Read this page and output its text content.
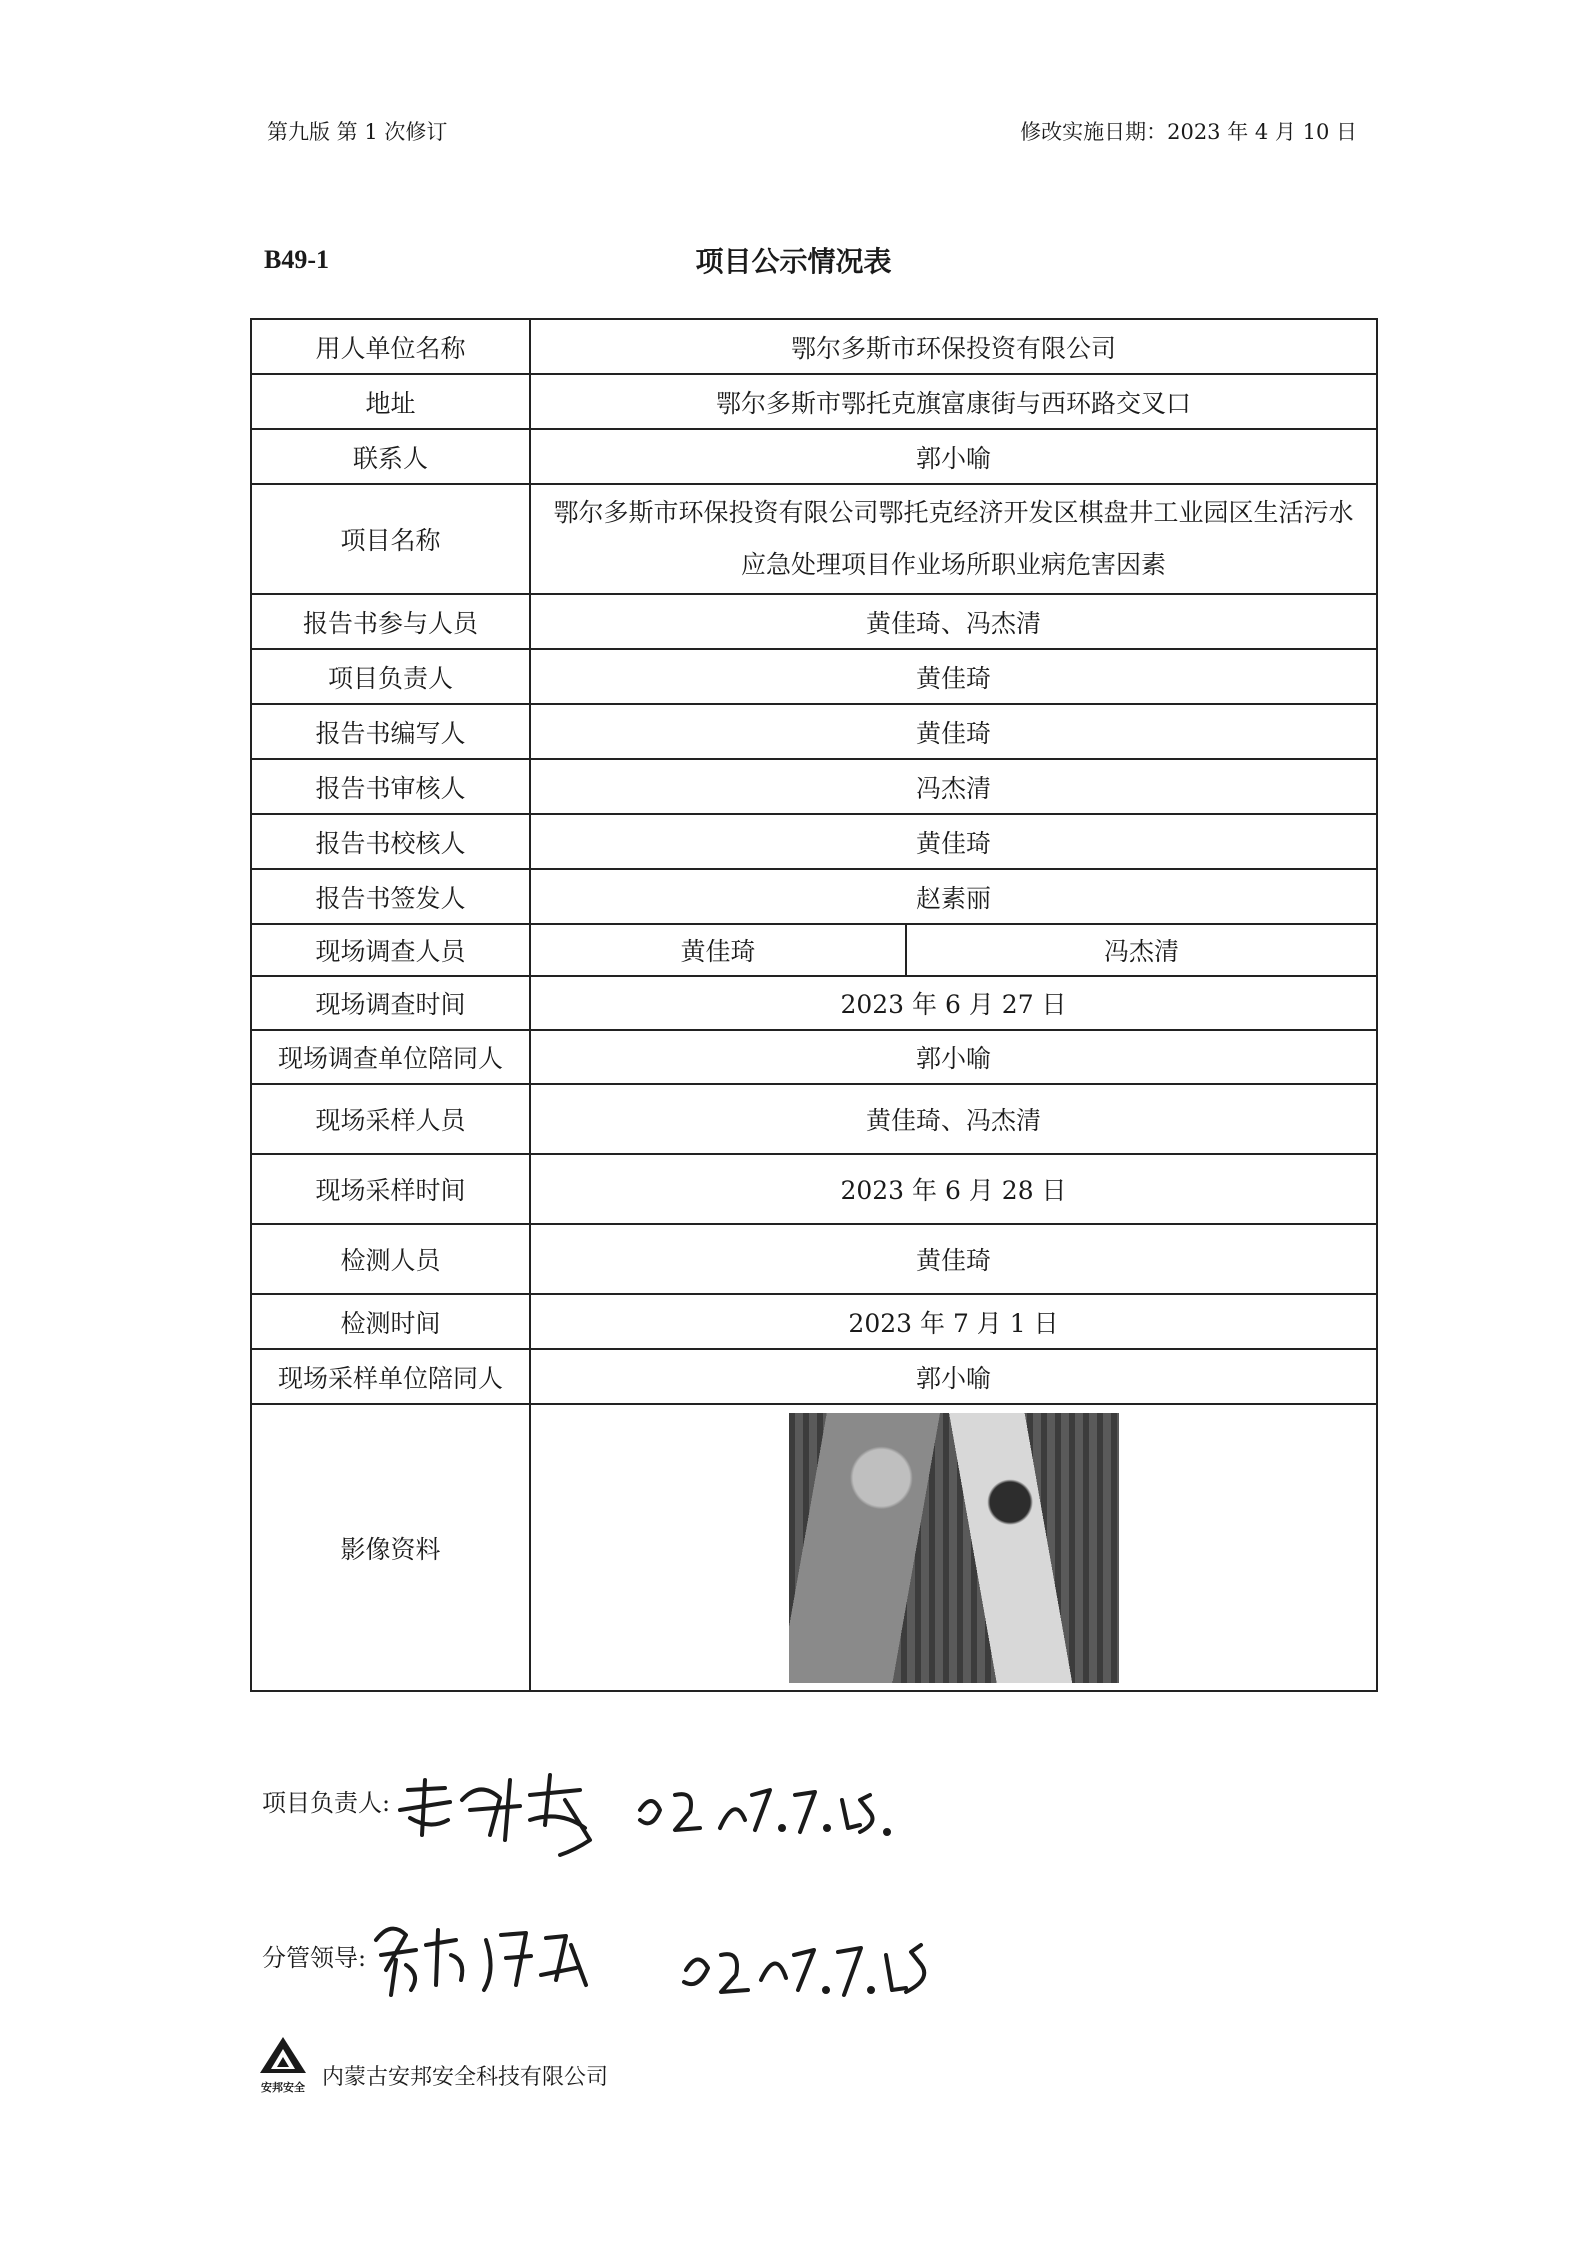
第九版 第 1 次修订	修改实施日期：2023 年 4 月 10 日
B49-1	项目公示情况表
用人单位名称	鄂尔多斯市环保投资有限公司	
地址	鄂尔多斯市鄂托克旗富康街与西环路交叉口	
联系人	郭小喻	
项目名称	鄂尔多斯市环保投资有限公司鄂托克经济开发区棋盘井工业园区生活污水应急处理项目作业场所职业病危害因素	
报告书参与人员	黄佳琦、冯杰清	
项目负责人	黄佳琦	
报告书编写人	黄佳琦	
报告书审核人	冯杰清	
报告书校核人	黄佳琦	
报告书签发人	赵素丽	
现场调查人员	黄佳琦	冯杰清
现场调查时间	2023 年 6 月 27 日	
现场调查单位陪同人	郭小喻	
现场采样人员	黄佳琦、冯杰清	
现场采样时间	2023 年 6 月 28 日	
检测人员	黄佳琦	
检测时间	2023 年 7 月 1 日	
现场采样单位陪同人	郭小喻	
影像资料		
项目负责人:
分管领导:
安邦安全 内蒙古安邦安全科技有限公司
